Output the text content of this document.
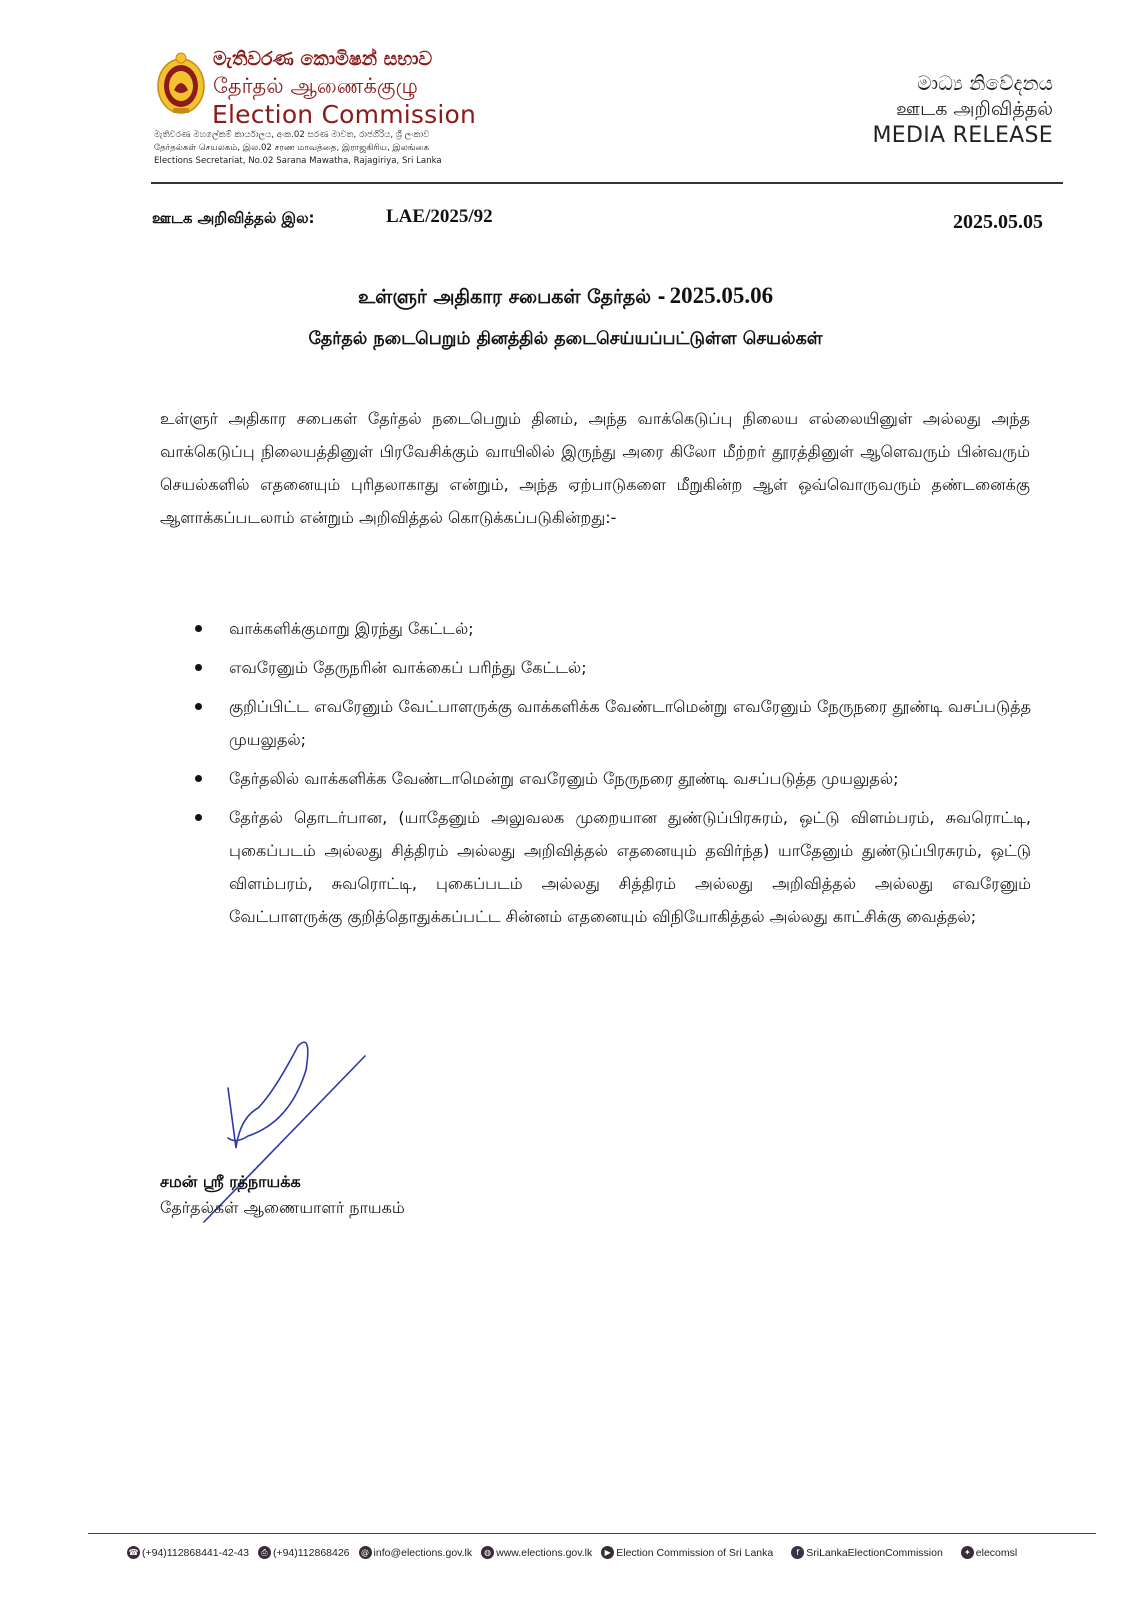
මැතිවරණ කොමිෂන් සභාව
தேர்தல் ஆணைக்குழு
Election Commission
මැතිවරණ මහලේකම් කාර්යාලය, අංක.02 සරණ මාවත, රාජගිරිය, ශ්‍රී ලංකාව
தேர்தல்கள் செயலகம், இல.02 சரண மாவத்தை, இராஜகிரிய, இலங்கை
Elections Secretariat, No.02 Sarana Mawatha, Rajagiriya, Sri Lanka
මාධ්‍ය නිවේදනය
ஊடக அறிவித்தல்
MEDIA RELEASE
ஊடக அறிவித்தல் இல:	LAE/2025/92	2025.05.05
உள்ளுர் அதிகார சபைகள் தேர்தல் - 2025.05.06
தேர்தல் நடைபெறும் தினத்தில் தடைசெய்யப்பட்டுள்ள செயல்கள்
உள்ளுர் அதிகார சபைகள் தேர்தல் நடைபெறும் தினம், அந்த வாக்கெடுப்பு நிலைய எல்லையினுள் அல்லது அந்த வாக்கெடுப்பு நிலையத்தினுள் பிரவேசிக்கும் வாயிலில் இருந்து அரை கிலோ மீற்றர் தூரத்தினுள் ஆளெவரும் பின்வரும் செயல்களில் எதனையும் புரிதலாகாது என்றும், அந்த ஏற்பாடுகளை மீறுகின்ற ஆள் ஒவ்வொருவரும் தண்டனைக்கு ஆளாக்கப்படலாம் என்றும் அறிவித்தல் கொடுக்கப்படுகின்றது:-
வாக்களிக்குமாறு இரந்து கேட்டல்;
எவரேனும் தேருநரின் வாக்கைப் பரிந்து கேட்டல்;
குறிப்பிட்ட எவரேனும் வேட்பாளருக்கு வாக்களிக்க வேண்டாமென்று எவரேனும் நேருநரை தூண்டி வசப்படுத்த முயலுதல்;
தேர்தலில் வாக்களிக்க வேண்டாமென்று எவரேனும் நேருநரை தூண்டி வசப்படுத்த முயலுதல்;
தேர்தல் தொடர்பான, (யாதேனும் அலுவலக முறையான துண்டுப்பிரசுரம், ஒட்டு விளம்பரம், சுவரொட்டி, புகைப்படம் அல்லது சித்திரம் அல்லது அறிவித்தல் எதனையும் தவிர்ந்த) யாதேனும் துண்டுப்பிரசுரம், ஒட்டு விளம்பரம், சுவரொட்டி, புகைப்படம் அல்லது சித்திரம் அல்லது அறிவித்தல் அல்லது எவரேனும் வேட்பாளருக்கு குறித்தொதுக்கப்பட்ட சின்னம் எதனையும் விநியோகித்தல் அல்லது காட்சிக்கு வைத்தல்;
சமன் ஸ்ரீ ரத்நாயக்க
தேர்தல்கள் ஆணையாளர் நாயகம்
☎ (+94)112868441-42-43	⎙ (+94)112868426	@ info@elections.gov.lk	◍ www.elections.gov.lk	▶ Election Commission of Sri Lanka	f SriLankaElectionCommission	✦ elecomsl
